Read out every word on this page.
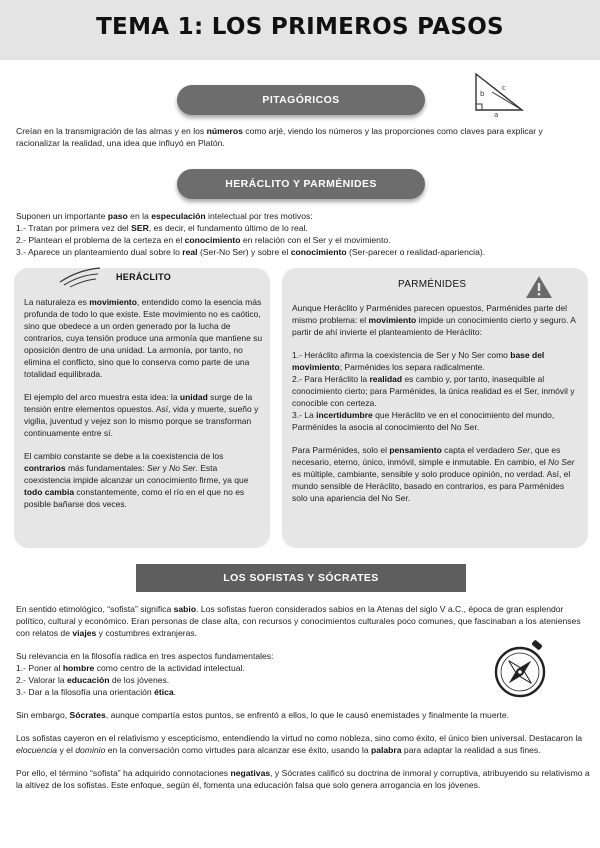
TEMA 1: LOS PRIMEROS PASOS
PITAGÓRICOS	b
c
a
Creían en la transmigración de las almas y en los números como arjé, viendo los números y las proporciones como claves para explicar y racionalizar la realidad, una idea que influyó en Platón.
HERÁCLITO Y PARMÉNIDES
Suponen un importante paso en la especulación intelectual por tres motivos:
1.- Tratan por primera vez del SER, es decir, el fundamento último de lo real.
2.- Plantean el problema de la certeza en el conocimiento en relación con el Ser y el movimiento.
3.- Aparece un planteamiento dual sobre lo real (Ser-No Ser) y sobre el conocimiento (Ser-parecer o realidad-apariencia).
HERÁCLITO
La naturaleza es movimiento, entendido como la esencia más profunda de todo lo que existe. Este movimiento no es caótico, sino que obedece a un orden generado por la lucha de contrarios, cuya tensión produce una armonía que mantiene su oposición dentro de una unidad. La armonía, por tanto, no elimina el conflicto, sino que lo conserva como parte de una totalidad equilibrada.
El ejemplo del arco muestra esta idea: la unidad surge de la tensión entre elementos opuestos. Así, vida y muerte, sueño y vigilia, juventud y vejez son lo mismo porque se transforman continuamente entre sí.
El cambio constante se debe a la coexistencia de los contrarios más fundamentales: Ser y No Ser. Esta coexistencia impide alcanzar un conocimiento firme, ya que todo cambia constantemente, como el río en el que no es posible bañarse dos veces.
PARMÉNIDES
Aunque Heráclito y Parménides parecen opuestos, Parménides parte del mismo problema: el movimiento impide un conocimiento cierto y seguro. A partir de ahí invierte el planteamiento de Heráclito:
1.- Heráclito afirma la coexistencia de Ser y No Ser como base del movimiento; Parménides los separa radicalmente.
2.- Para Heráclito la realidad es cambio y, por tanto, inasequible al conocimiento cierto; para Parménides, la única realidad es el Ser, inmóvil y conocible con certeza.
3.- La incertidumbre que Heráclito ve en el conocimiento del mundo, Parménides la asocia al conocimiento del No Ser.
Para Parménides, solo el pensamiento capta el verdadero Ser, que es necesario, eterno, único, inmóvil, simple e inmutable. En cambio, el No Ser es múltiple, cambiante, sensible y solo produce opinión, no verdad. Así, el mundo sensible de Heráclito, basado en contrarios, es para Parménides solo una apariencia del No Ser.
LOS SOFISTAS Y SÓCRATES
En sentido etimológico, “sofista” significa sabio. Los sofistas fueron considerados sabios en la Atenas del siglo V a.C., época de gran esplendor político, cultural y económico. Eran personas de clase alta, con recursos y conocimientos culturales poco comunes, que fascinaban a los atenienses con relatos de viajes y costumbres extranjeras.
Su relevancia en la filosofía radica en tres aspectos fundamentales:
1.- Poner al hombre como centro de la actividad intelectual.
2.- Valorar la educación de los jóvenes.
3.- Dar a la filosofía una orientación ética.
Sin embargo, Sócrates, aunque compartía estos puntos, se enfrentó a ellos, lo que le causó enemistades y finalmente la muerte.
Los sofistas cayeron en el relativismo y escepticismo, entendiendo la virtud no como nobleza, sino como éxito, el único bien universal. Destacaron la elocuencia y el dominio en la conversación como virtudes para alcanzar ese éxito, usando la palabra para adaptar la realidad a sus fines.
Por ello, el término “sofista” ha adquirido connotaciones negativas, y Sócrates calificó su doctrina de inmoral y corruptiva, atribuyendo su relativismo a la altivez de los sofistas. Este enfoque, según él, fomenta una educación falsa que solo genera arrogancia en los jóvenes.
